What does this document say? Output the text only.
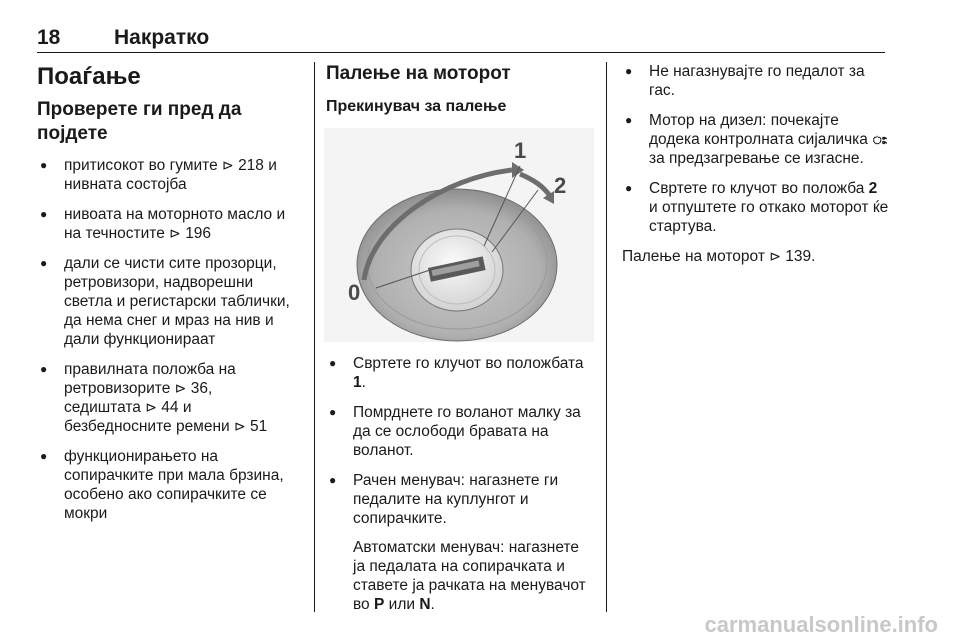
18	Накратко
Поаѓање
Проверете ги пред да појдете
● притисокот во гумите ⊳ 218 и нивната состојба
● нивоата на моторното масло и на течностите ⊳ 196
● дали се чисти сите прозорци, ретровизори, надворешни светла и регистарски таблички, да нема снег и мраз на нив и дали функционираат
● правилната положба на ретровизорите ⊳ 36,
седиштата ⊳ 44 и
безбедносните ремени ⊳ 51
● функционирањето на сопирачките при мала брзина, особено ако сопирачките се мокри
Палење на моторот
Прекинувач за палење
1
2
0
● Свртете го клучот во положбата 1.
● Помрднете го воланот малку за да се ослободи бравата на воланот.
● Рачен менувач: нагазнете ги педалите на куплунгот и сопирачките.
Автоматски менувач: нагазнете ја педалата на сопирачката и ставете ја рачката на менувачот во P или N.
● Не нагазнувајте го педалот за гас.
● Мотор на дизел: почекајте додека контролната сијаличка ႜ за предзагревање се изгасне.
● Свртете го клучот во положба 2 и отпуштете го откако моторот ќе стартува.

Палење на моторот ⊳ 139.

carmanualsonline.info
